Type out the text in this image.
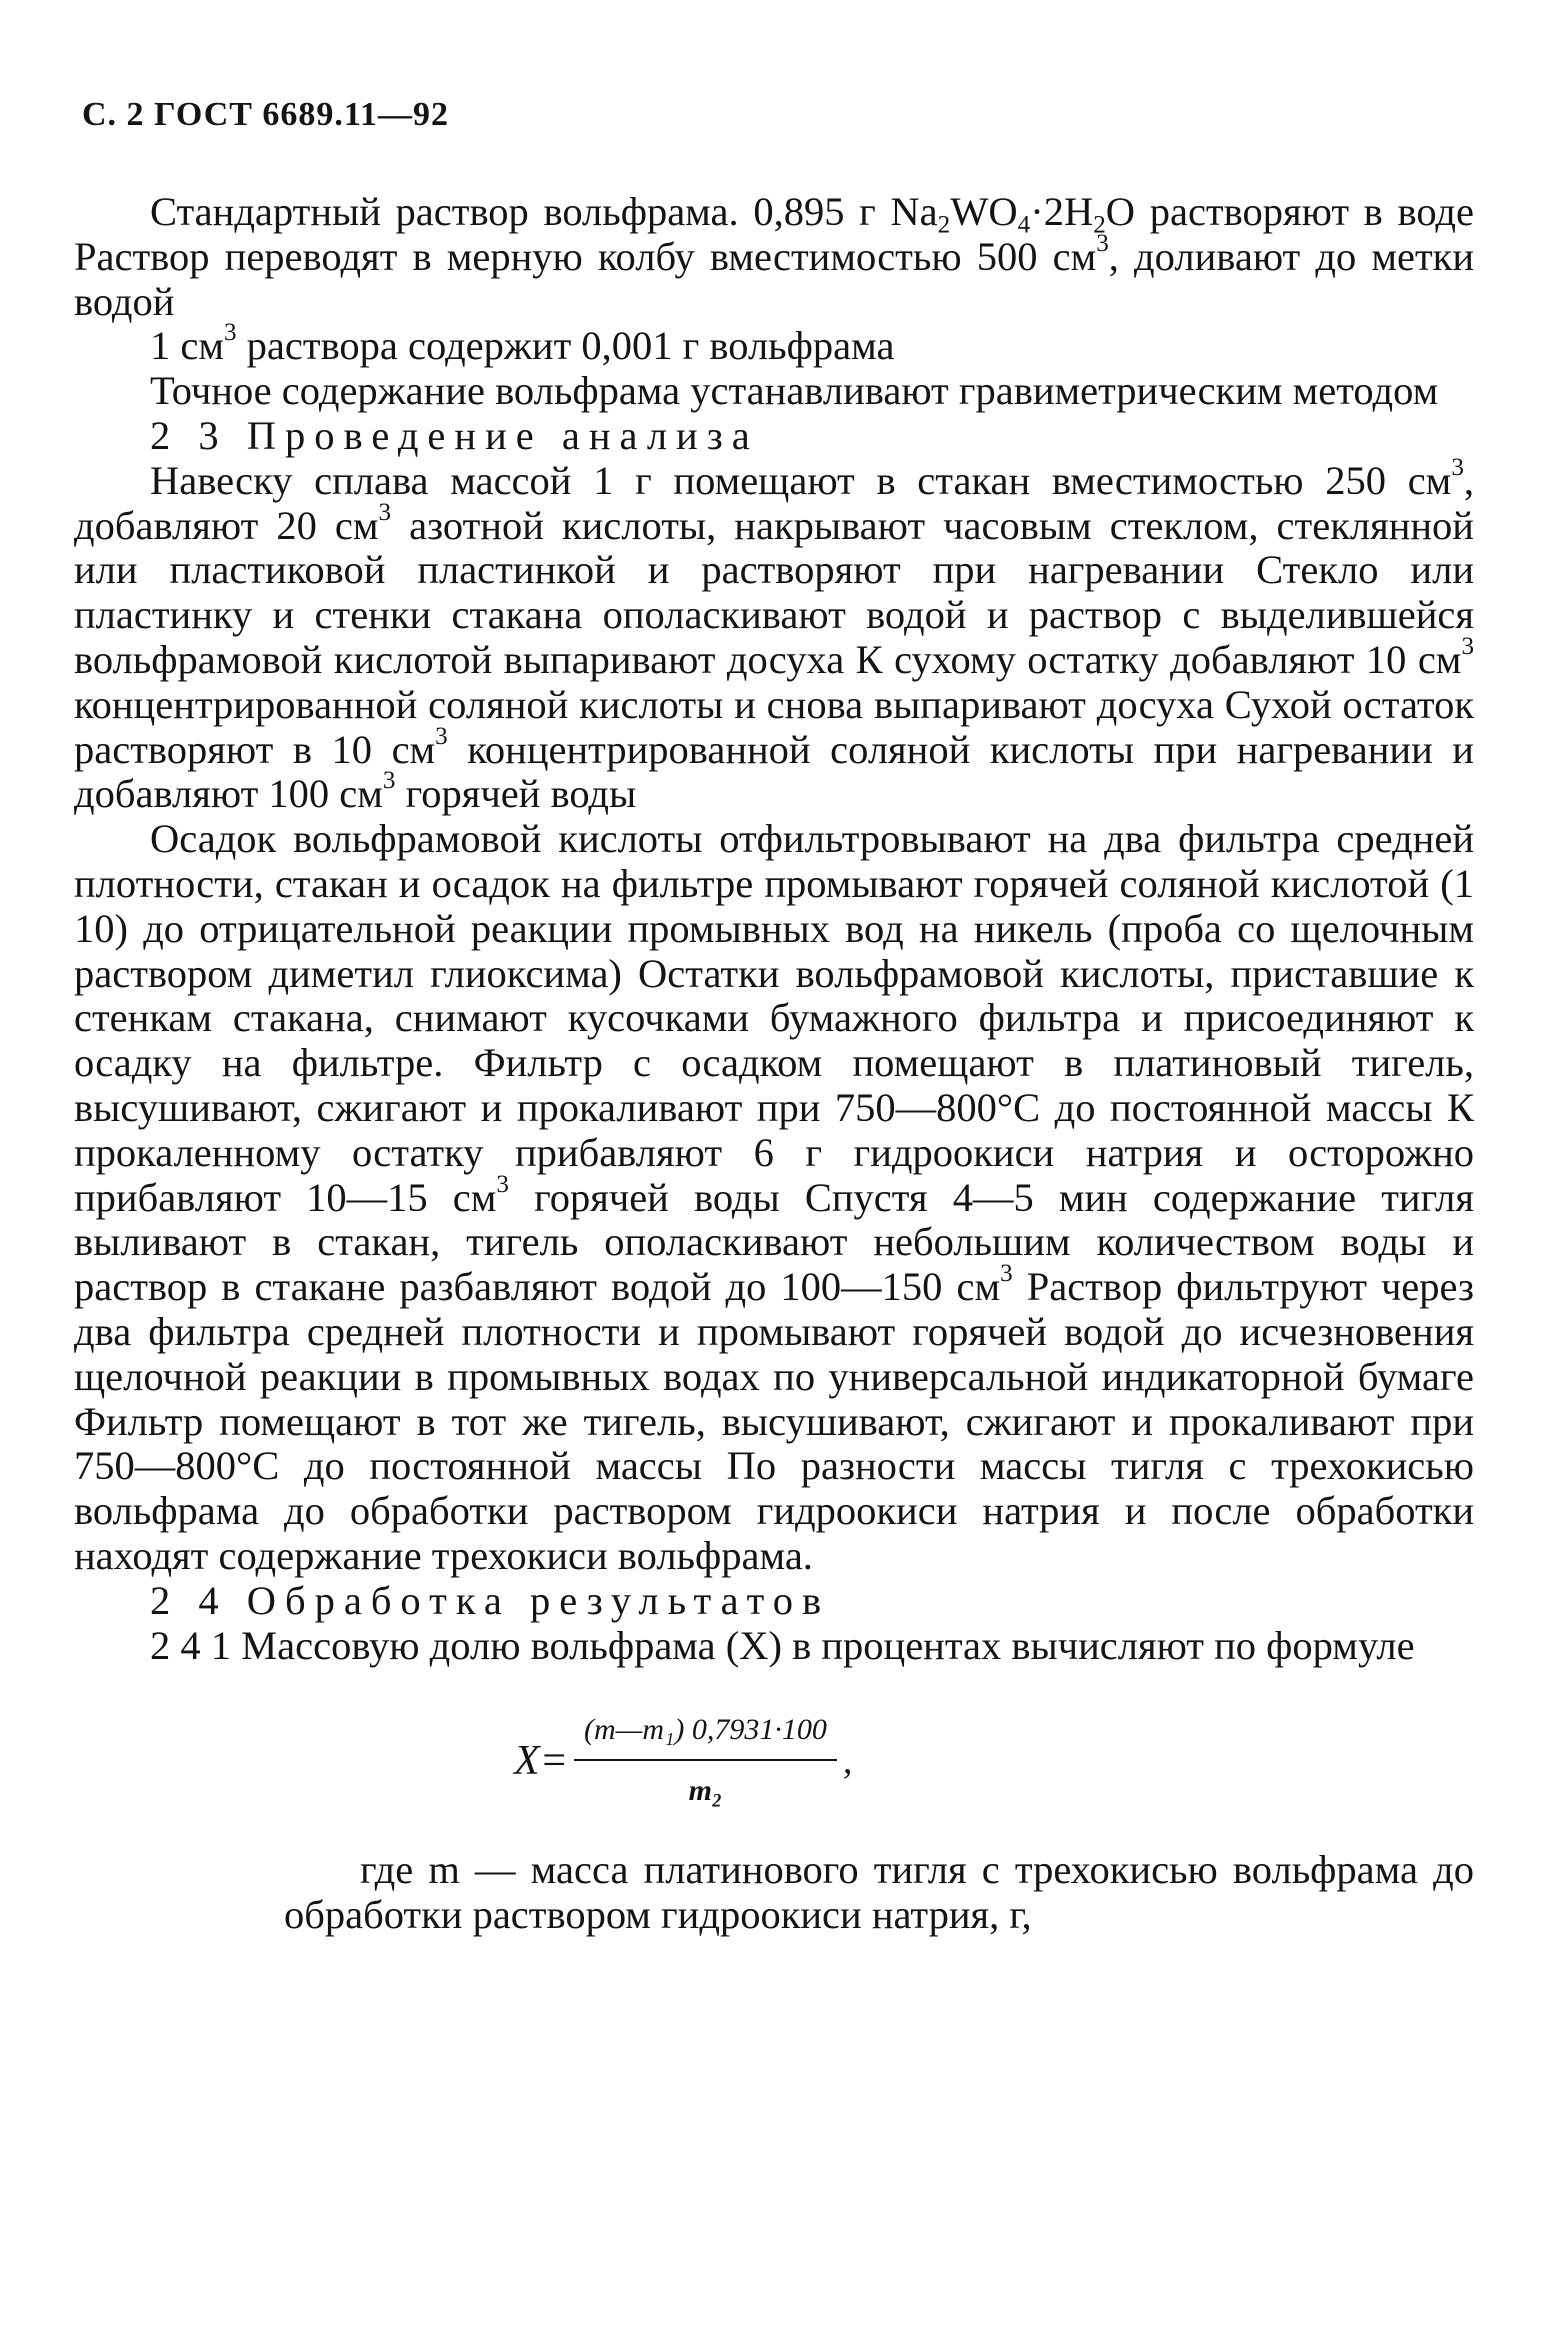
С. 2 ГОСТ 6689.11—92

Стандартный раствор вольфрама. 0,895 г $Na_2WO_4\cdot 2H_2O$ растворяют в воде Раствор переводят в мерную колбу вместимостью 500 $см^3$, доливают до метки водой

1 $см^3$ раствора содержит 0,001 г вольфрама

Точное содержание вольфрама устанавливают гравиметрическим методом

2 3 Проведение анализа

Навеску сплава массой 1 г помещают в стакан вместимостью 250 $см^3$, добавляют 20 $см^3$ азотной кислоты, накрывают часовым стеклом, стеклянной или пластиковой пластинкой и растворяют при нагревании Стекло или пластинку и стенки стакана ополаскивают водой и раствор с выделившейся вольфрамовой кислотой выпаривают досуха К сухому остатку добавляют 10 $см^3$ концентрированной соляной кислоты и снова выпаривают досуха Сухой остаток растворяют в 10 $см^3$ концентрированной соляной кислоты при нагревании и добавляют 100 $см^3$ горячей воды

Осадок вольфрамовой кислоты отфильтровывают на два фильтра средней плотности, стакан и осадок на фильтре промывают горячей соляной кислотой (1 10) до отрицательной реакции промывных вод на никель (проба со щелочным раствором диметил глиоксима) Остатки вольфрамовой кислоты, приставшие к стенкам стакана, снимают кусочками бумажного фильтра и присоединяют к осадку на фильтре. Фильтр с осадком помещают в платиновый тигель, высушивают, сжигают и прокаливают при 750—800°С до постоянной массы К прокаленному остатку прибавляют 6 г гидроокиси натрия и осторожно прибавляют 10—15 $см^3$ горячей воды Спустя 4—5 мин содержание тигля выливают в стакан, тигель ополаскивают небольшим количеством воды и раствор в стакане разбавляют водой до 100—150 $см^3$ Раствор фильтруют через два фильтра средней плотности и промывают горячей водой до исчезновения щелочной реакции в промывных водах по универсальной индикаторной бумаге Фильтр помещают в тот же тигель, высушивают, сжигают и прокаливают при 750—800°С до постоянной массы По разности массы тигля с трехокисью вольфрама до обработки раствором гидроокиси натрия и после обработки находят содержание трехокиси вольфрама.

2 4 Обработка результатов

2 4 1 Массовую долю вольфрама (X) в процентах вычисляют по формуле

$X= \frac{\text{(m—m₁) 0,7931·100}}{\text{m₂}}$ ,

где m — масса платинового тигля с трехокисью вольфрама до обработки раствором гидроокиси натрия, г,
